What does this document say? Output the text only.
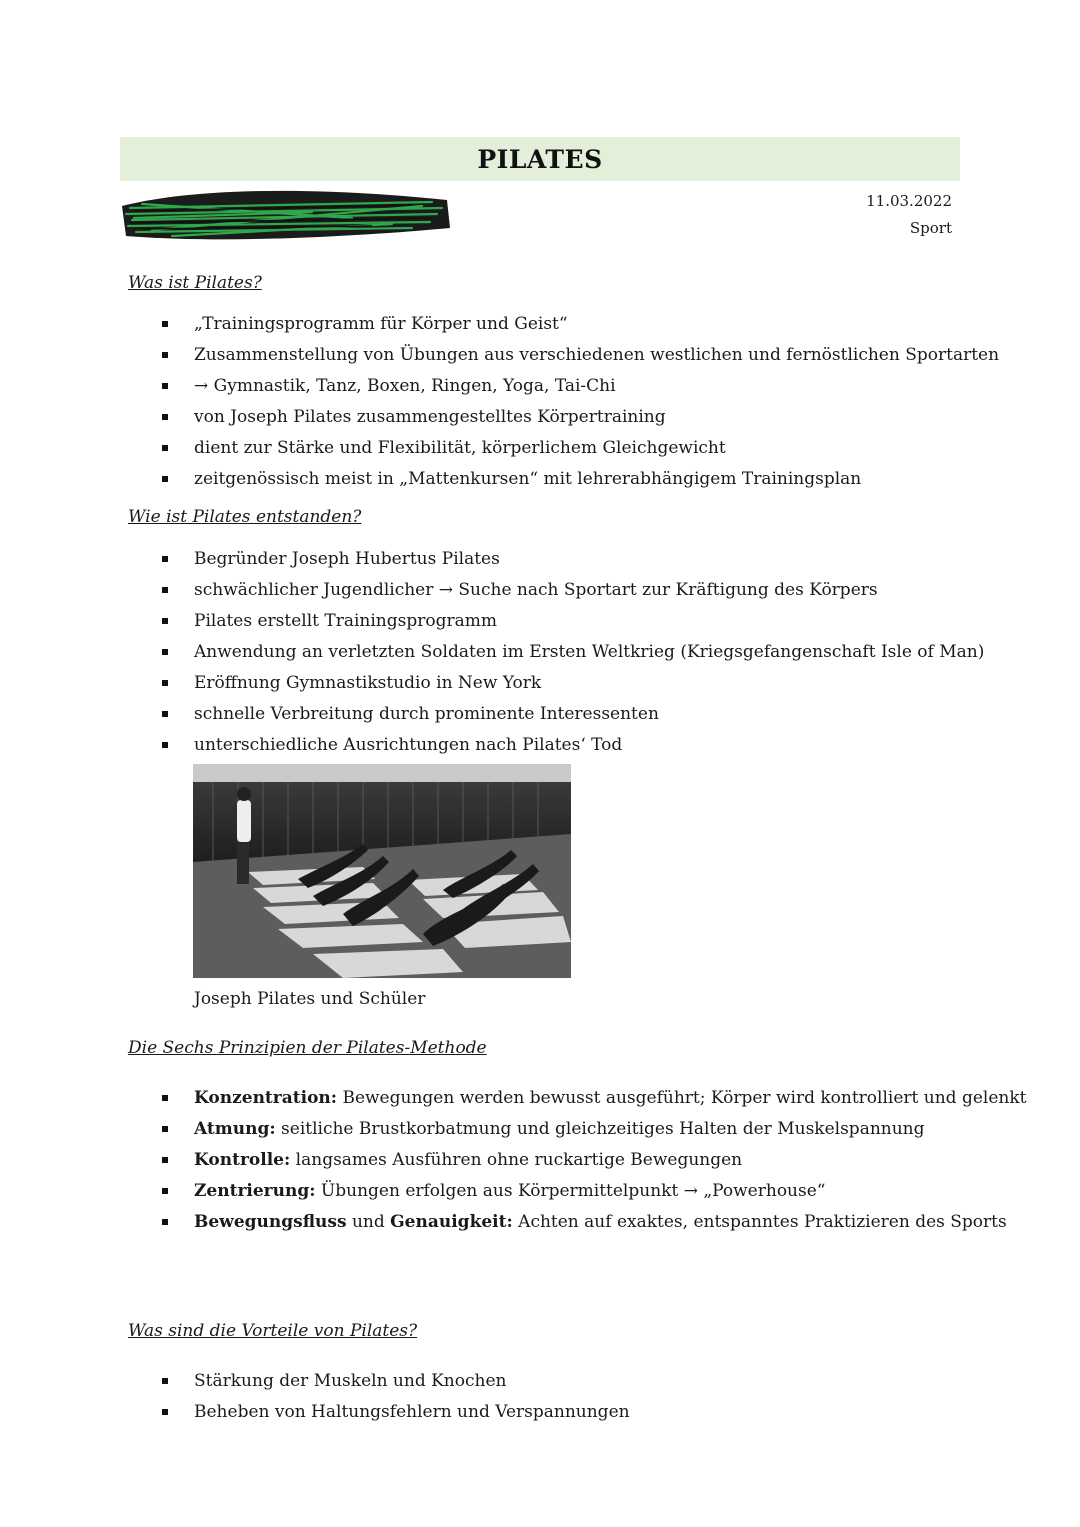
PILATES
11.03.2022
Sport
Was ist Pilates?
„Trainingsprogramm für Körper und Geist“
Zusammenstellung von Übungen aus verschiedenen westlichen und fernöstlichen Sportarten
→ Gymnastik, Tanz, Boxen, Ringen, Yoga, Tai-Chi
von Joseph Pilates zusammengestelltes Körpertraining
dient zur Stärke und Flexibilität, körperlichem Gleichgewicht
zeitgenössisch meist in „Mattenkursen“ mit lehrerabhängigem Trainingsplan
Wie ist Pilates entstanden?
Begründer Joseph Hubertus Pilates
schwächlicher Jugendlicher → Suche nach Sportart zur Kräftigung des Körpers
Pilates erstellt Trainingsprogramm
Anwendung an verletzten Soldaten im Ersten Weltkrieg (Kriegsgefangenschaft Isle of Man)
Eröffnung Gymnastikstudio in New York
schnelle Verbreitung durch prominente Interessenten
unterschiedliche Ausrichtungen nach Pilates‘ Tod
Joseph Pilates und Schüler
Die Sechs Prinzipien der Pilates-Methode
Konzentration: Bewegungen werden bewusst ausgeführt; Körper wird kontrolliert und gelenkt
Atmung: seitliche Brustkorbatmung und gleichzeitiges Halten der Muskelspannung
Kontrolle: langsames Ausführen ohne ruckartige Bewegungen
Zentrierung: Übungen erfolgen aus Körpermittelpunkt → „Powerhouse“
Bewegungsfluss und Genauigkeit: Achten auf exaktes, entspanntes Praktizieren des Sports
Was sind die Vorteile von Pilates?
Stärkung der Muskeln und Knochen
Beheben von Haltungsfehlern und Verspannungen
